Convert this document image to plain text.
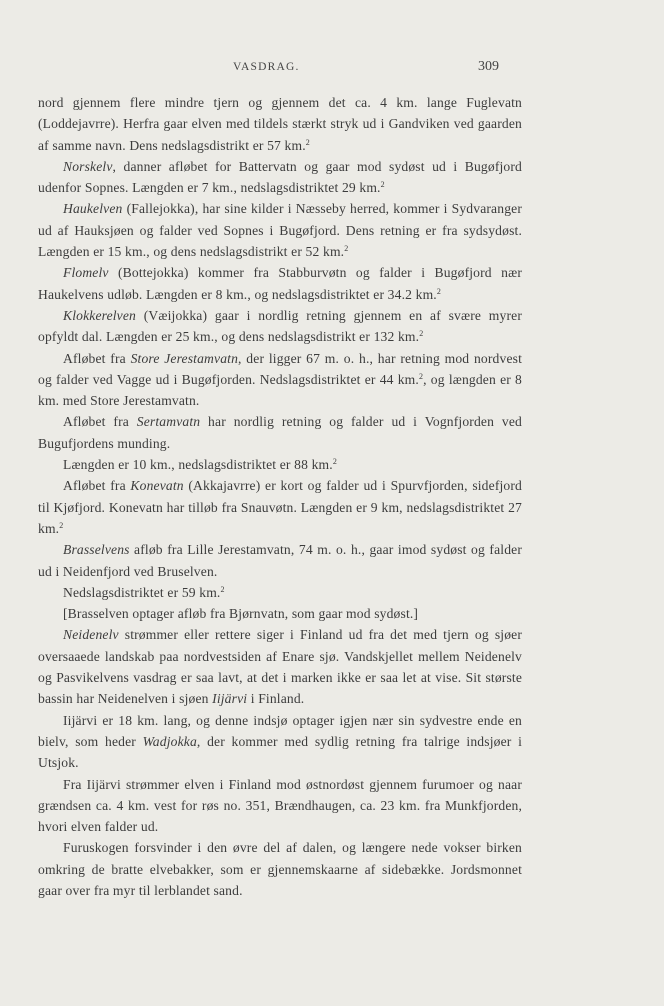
VASDRAG.	309

nord gjennem flere mindre tjern og gjennem det ca. 4 km. lange Fuglevatn (Loddejavrre). Herfra gaar elven med tildels stærkt stryk ud i Gandviken ved gaarden af samme navn. Dens nedslagsdistrikt er 57 km.$^2$

Norskelv, danner afløbet for Battervatn og gaar mod sydøst ud i Bugøfjord udenfor Sopnes. Længden er 7 km., nedslagsdistriktet 29 km.$^2$

Haukelven (Fallejokka), har sine kilder i Næsseby herred, kommer i Sydvaranger ud af Hauksjøen og falder ved Sopnes i Bugøfjord. Dens retning er fra sydsydøst. Længden er 15 km., og dens nedslagsdistrikt er 52 km.$^2$

Flomelv (Bottejokka) kommer fra Stabburvøtn og falder i Bugøfjord nær Haukelvens udløb. Længden er 8 km., og nedslagsdistriktet er 34.2 km.$^2$

Klokkerelven (Væijokka) gaar i nordlig retning gjennem en af svære myrer opfyldt dal. Længden er 25 km., og dens nedslagsdistrikt er 132 km.$^2$

Afløbet fra Store Jerestamvatn, der ligger 67 m. o. h., har retning mod nordvest og falder ved Vagge ud i Bugøfjorden. Nedslagsdistriktet er 44 km.$^2$, og længden er 8 km. med Store Jerestamvatn.

Afløbet fra Sertamvatn har nordlig retning og falder ud i Vognfjorden ved Bugufjordens munding.

Længden er 10 km., nedslagsdistriktet er 88 km.$^2$

Afløbet fra Konevatn (Akkajavrre) er kort og falder ud i Spurvfjorden, sidefjord til Kjøfjord. Konevatn har tilløb fra Snauvøtn. Længden er 9 km, nedslagsdistriktet 27 km.$^2$

Brasselvens afløb fra Lille Jerestamvatn, 74 m. o. h., gaar imod sydøst og falder ud i Neidenfjord ved Bruselven.

Nedslagsdistriktet er 59 km.$^2$

[Brasselven optager afløb fra Bjørnvatn, som gaar mod sydøst.]

Neidenelv strømmer eller rettere siger i Finland ud fra det med tjern og sjøer oversaaede landskab paa nordvestsiden af Enare sjø. Vandskjellet mellem Neidenelv og Pasvikelvens vasdrag er saa lavt, at det i marken ikke er saa let at vise. Sit største bassin har Neidenelven i sjøen Iijärvi i Finland.

Iijärvi er 18 km. lang, og denne indsjø optager igjen nær sin sydvestre ende en bielv, som heder Wadjokka, der kommer med sydlig retning fra talrige indsjøer i Utsjok.

Fra Iijärvi strømmer elven i Finland mod østnordøst gjennem furumoer og naar grændsen ca. 4 km. vest for røs no. 351, Brændhaugen, ca. 23 km. fra Munkfjorden, hvori elven falder ud.

Furuskogen forsvinder i den øvre del af dalen, og længere nede vokser birken omkring de bratte elvebakker, som er gjennemskaarne af sidebække. Jordsmonnet gaar over fra myr til lerblandet sand.
